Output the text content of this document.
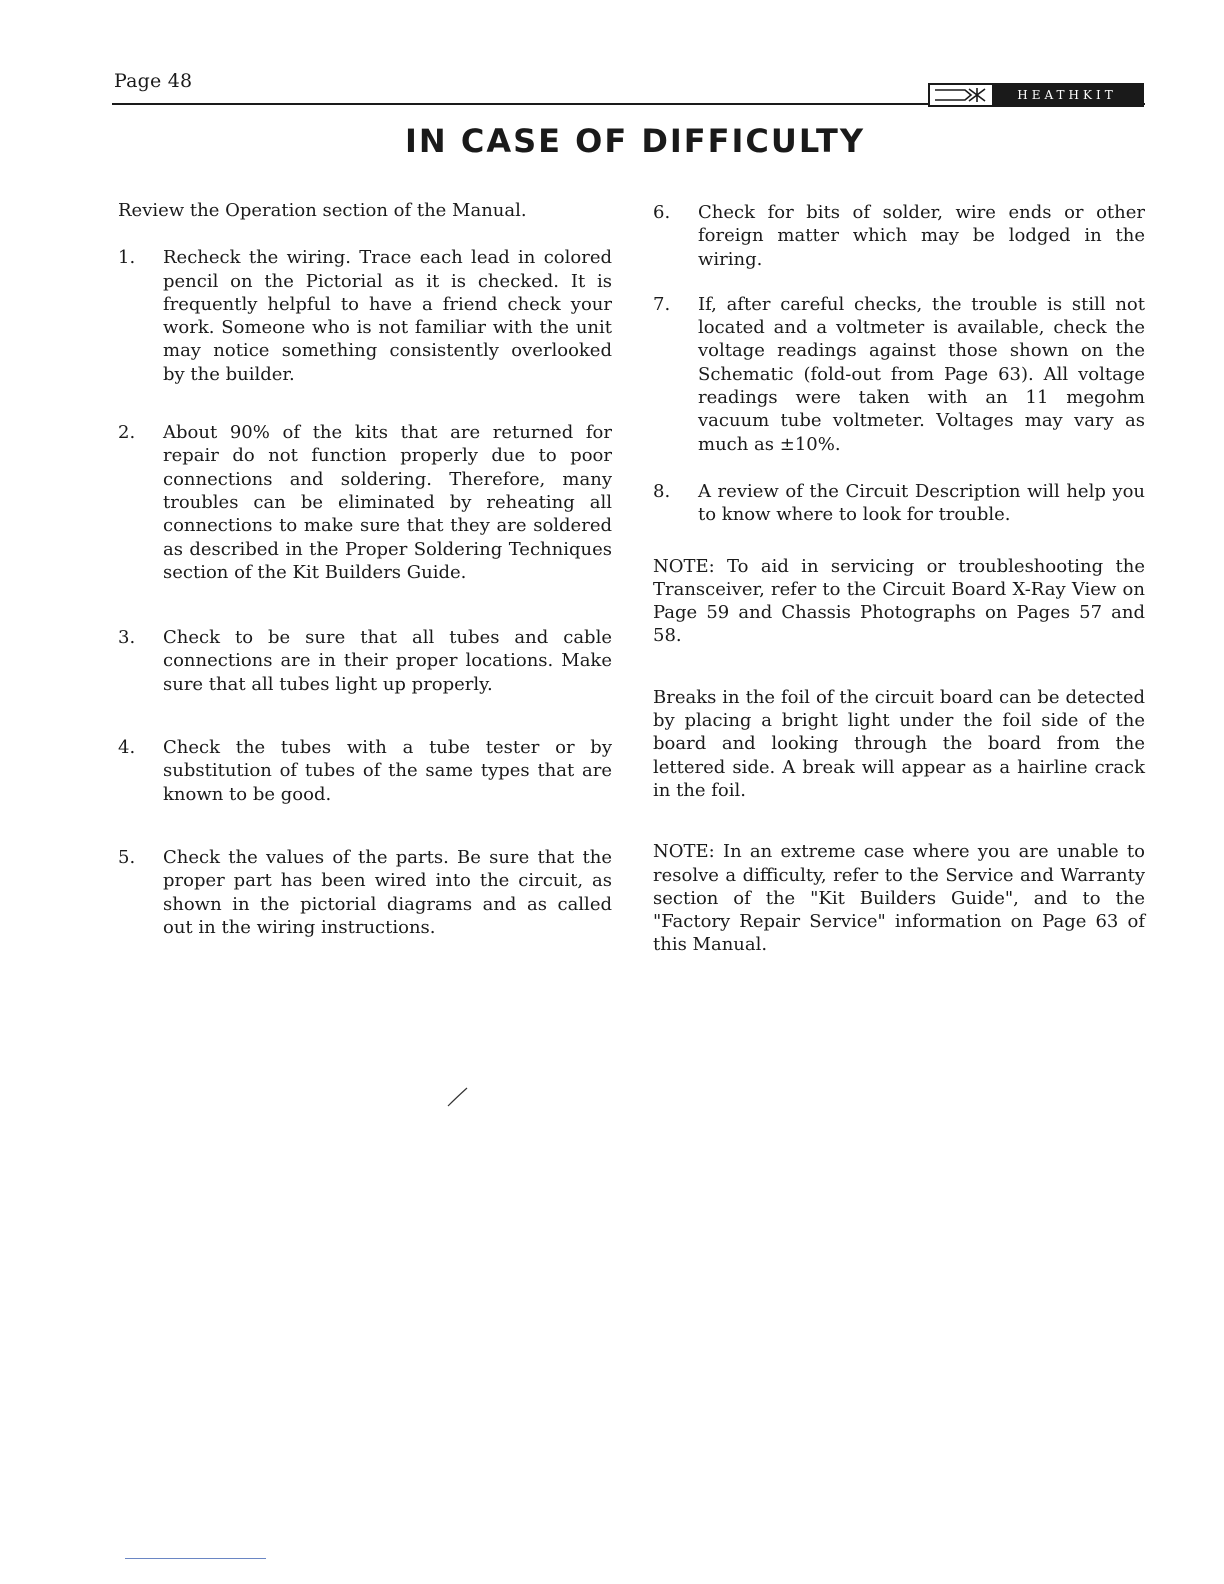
Page 48
HEATHKIT
IN CASE OF DIFFICULTY

Review the Operation section of the Manual.

1.	Recheck the wiring. Trace each lead in colored pencil on the Pictorial as it is checked. It is frequently helpful to have a friend check your work. Someone who is not familiar with the unit may notice something consistently overlooked by the builder.
2.	About 90% of the kits that are returned for repair do not function properly due to poor connections and soldering. Therefore, many troubles can be eliminated by reheating all connections to make sure that they are soldered as described in the Proper Soldering Techniques section of the Kit Builders Guide.
3.	Check to be sure that all tubes and cable connections are in their proper locations. Make sure that all tubes light up properly.
4.	Check the tubes with a tube tester or by substitution of tubes of the same types that are known to be good.
5.	Check the values of the parts. Be sure that the proper part has been wired into the circuit, as shown in the pictorial diagrams and as called out in the wiring instructions.
6.	Check for bits of solder, wire ends or other foreign matter which may be lodged in the wiring.
7.	If, after careful checks, the trouble is still not located and a voltmeter is available, check the voltage readings against those shown on the Schematic (fold-out from Page 63). All voltage readings were taken with an 11 megohm vacuum tube voltmeter. Voltages may vary as much as ±10%.
8.	A review of the Circuit Description will help you to know where to look for trouble.

NOTE: To aid in servicing or troubleshooting the Transceiver, refer to the Circuit Board X-Ray View on Page 59 and Chassis Photographs on Pages 57 and 58.

Breaks in the foil of the circuit board can be detected by placing a bright light under the foil side of the board and looking through the board from the lettered side. A break will appear as a hairline crack in the foil.

NOTE: In an extreme case where you are unable to resolve a difficulty, refer to the Service and Warranty section of the "Kit Builders Guide", and to the "Factory Repair Service" information on Page 63 of this Manual.
